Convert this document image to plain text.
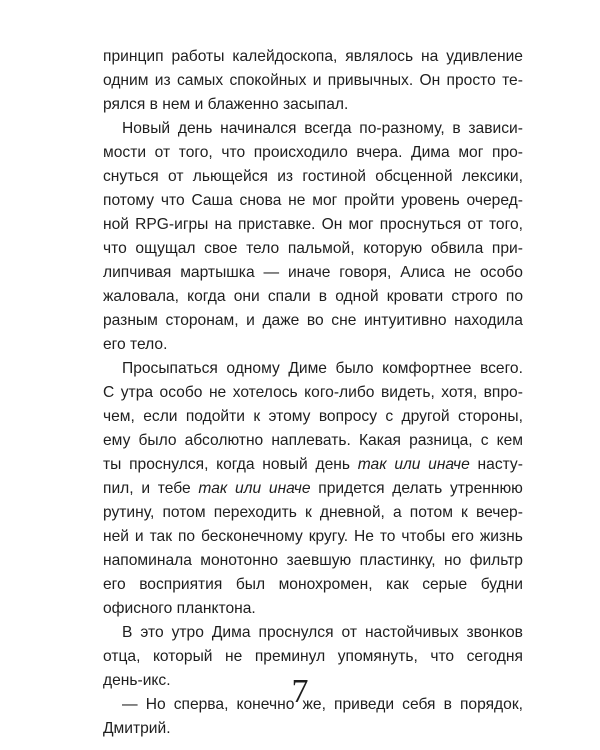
принцип работы калейдоскопа, являлось на удивление
одним из самых спокойных и привычных. Он просто те-
рялся в нем и блаженно засыпал.
Новый день начинался всегда по-разному, в зависи-
мости от того, что происходило вчера. Дима мог про-
снуться от льющейся из гостиной обсценной лексики,
потому что Саша снова не мог пройти уровень очеред-
ной RPG-игры на приставке. Он мог проснуться от того,
что ощущал свое тело пальмой, которую обвила при-
липчивая мартышка — иначе говоря, Алиса не особо
жаловала, когда они спали в одной кровати строго по
разным сторонам, и даже во сне интуитивно находила
его тело.
Просыпаться одному Диме было комфортнее всего.
С утра особо не хотелось кого-либо видеть, хотя, впро-
чем, если подойти к этому вопросу с другой стороны,
ему было абсолютно наплевать. Какая разница, с кем
ты проснулся, когда новый день так или иначе насту-
пил, и тебе так или иначе придется делать утреннюю
рутину, потом переходить к дневной, а потом к вечер-
ней и так по бесконечному кругу. Не то чтобы его жизнь
напоминала монотонно заевшую пластинку, но фильтр
его восприятия был монохромен, как серые будни
офисного планктона.
В это утро Дима проснулся от настойчивых звонков
отца, который не преминул упомянуть, что сегодня
день-икс.
— Но сперва, конечно же, приведи себя в порядок,
Дмитрий.
7
